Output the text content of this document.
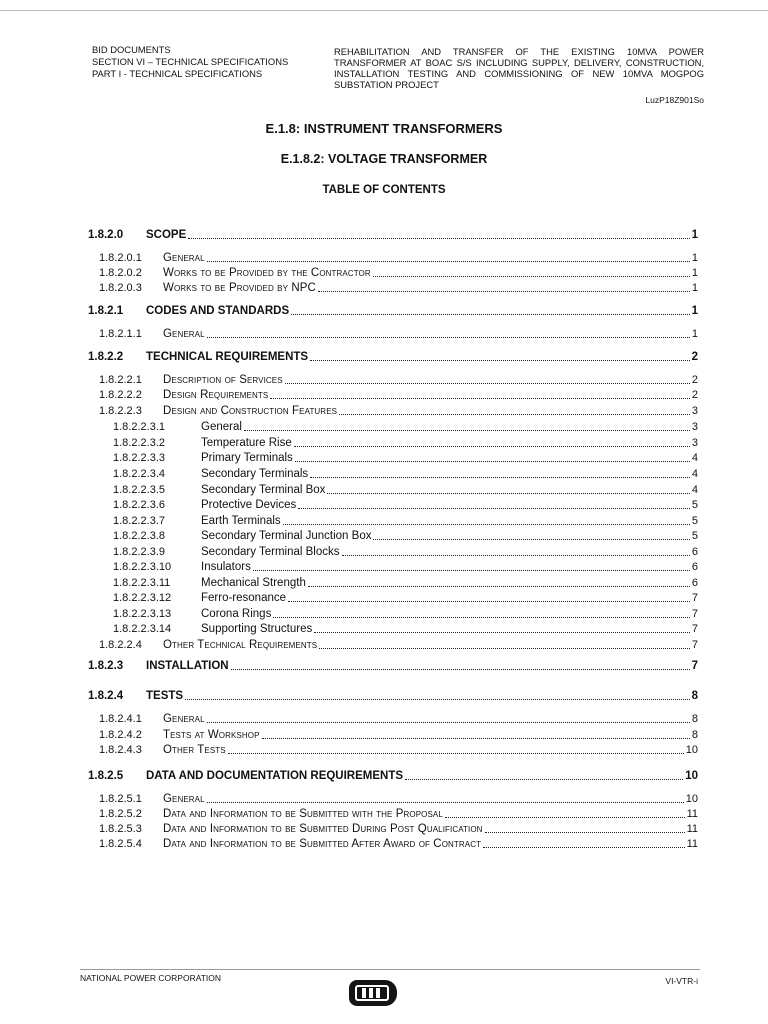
BID DOCUMENTS
SECTION VI – TECHNICAL SPECIFICATIONS
PART I - TECHNICAL SPECIFICATIONS
REHABILITATION AND TRANSFER OF THE EXISTING 10MVA POWER TRANSFORMER AT BOAC S/S INCLUDING SUPPLY, DELIVERY, CONSTRUCTION, INSTALLATION TESTING AND COMMISSIONING OF NEW 10MVA MOGPOG SUBSTATION PROJECT
LuzP18Z901So
E.1.8: INSTRUMENT TRANSFORMERS
E.1.8.2: VOLTAGE TRANSFORMER
TABLE OF CONTENTS
1.8.2.0	SCOPE	1
1.8.2.0.1	General	1
1.8.2.0.2	Works to be Provided by the Contractor	1
1.8.2.0.3	Works to be Provided by NPC	1
1.8.2.1	CODES AND STANDARDS	1
1.8.2.1.1	General	1
1.8.2.2	TECHNICAL REQUIREMENTS	2
1.8.2.2.1	Description of Services	2
1.8.2.2.2	Design Requirements	2
1.8.2.2.3	Design and Construction Features	3
1.8.2.2.3.1	General	3
1.8.2.2.3.2	Temperature Rise	3
1.8.2.2.3.3	Primary Terminals	4
1.8.2.2.3.4	Secondary Terminals	4
1.8.2.2.3.5	Secondary Terminal Box	4
1.8.2.2.3.6	Protective Devices	5
1.8.2.2.3.7	Earth Terminals	5
1.8.2.2.3.8	Secondary Terminal Junction Box	5
1.8.2.2.3.9	Secondary Terminal Blocks	6
1.8.2.2.3.10	Insulators	6
1.8.2.2.3.11	Mechanical Strength	6
1.8.2.2.3.12	Ferro-resonance	7
1.8.2.2.3.13	Corona Rings	7
1.8.2.2.3.14	Supporting Structures	7
1.8.2.2.4	Other Technical Requirements	7
1.8.2.3	INSTALLATION	7
1.8.2.4	TESTS	8
1.8.2.4.1	General	8
1.8.2.4.2	Tests at Workshop	8
1.8.2.4.3	Other Tests	10
1.8.2.5	DATA AND DOCUMENTATION REQUIREMENTS	10
1.8.2.5.1	General	10
1.8.2.5.2	Data and Information to be Submitted with the Proposal	11
1.8.2.5.3	Data and Information to be Submitted During Post Qualification	11
1.8.2.5.4	Data and Information to be Submitted After Award of Contract	11
NATIONAL POWER CORPORATION	VI-VTR-i
